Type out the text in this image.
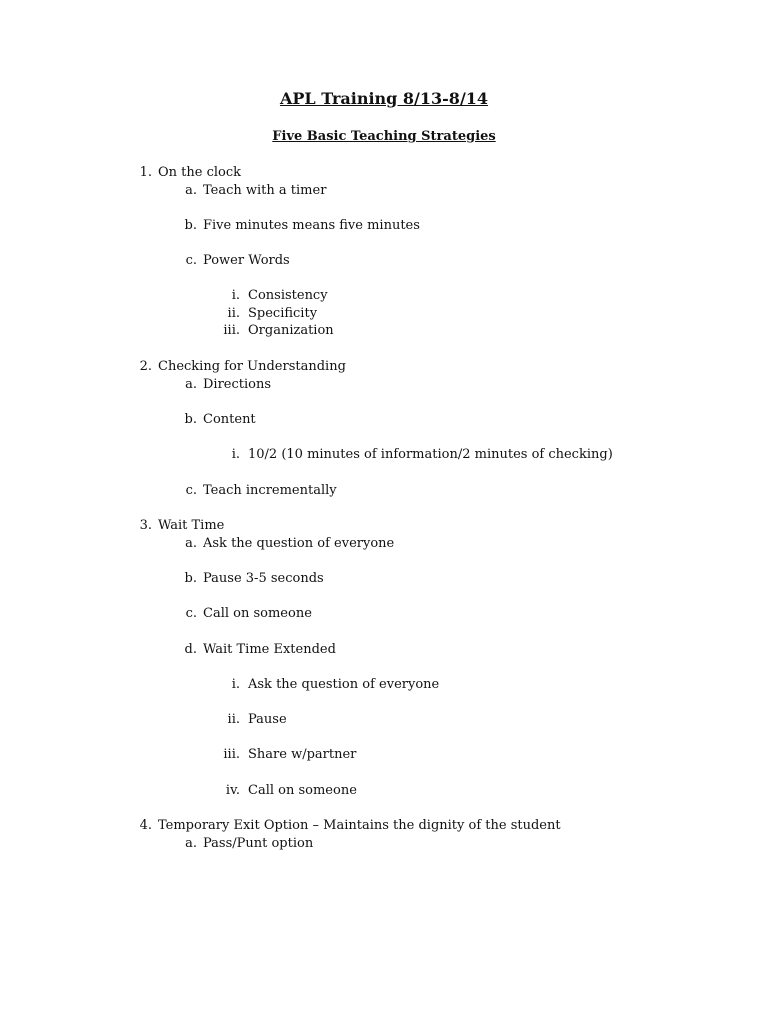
APL Training 8/13-8/14
Five Basic Teaching Strategies
1. On the clock
a. Teach with a timer
b. Five minutes means five minutes
c. Power Words
i. Consistency
ii. Specificity
iii. Organization
2. Checking for Understanding
a. Directions
b. Content
i. 10/2 (10 minutes of information/2 minutes of checking)
c. Teach incrementally
3. Wait Time
a. Ask the question of everyone
b. Pause 3-5 seconds
c. Call on someone
d. Wait Time Extended
i. Ask the question of everyone
ii. Pause
iii. Share w/partner
iv. Call on someone
4. Temporary Exit Option – Maintains the dignity of the student
a. Pass/Punt option
